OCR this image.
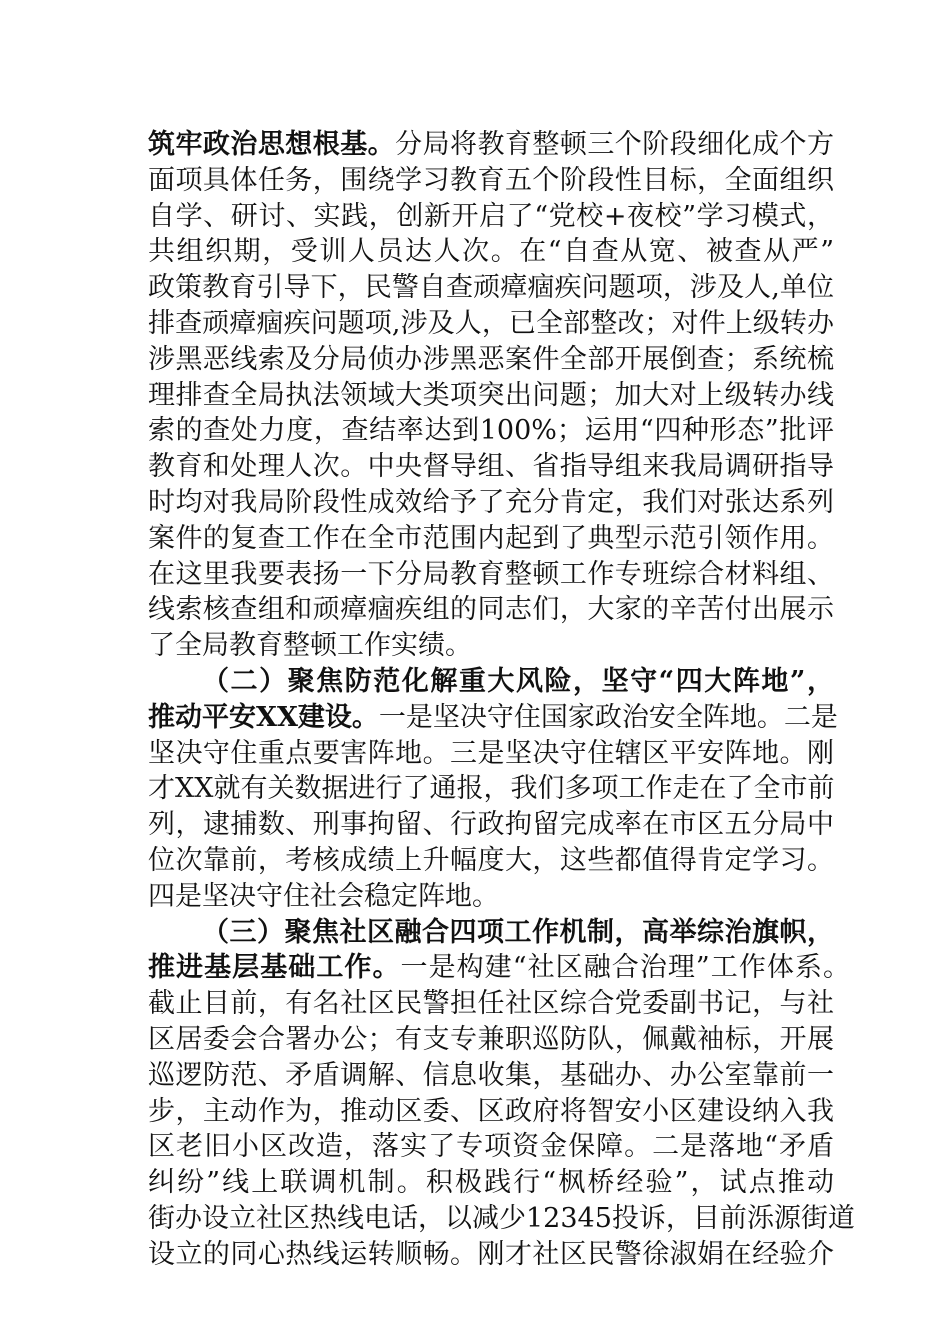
筑牢政治思想根基。分局将教育整顿三个阶段细化成个方
面项具体任务，围绕学习教育五个阶段性目标，全面组织
自学、研讨、实践，创新开启了“党校+夜校”学习模式，
共组织期，受训人员达人次。在“自查从宽、被查从严”
政策教育引导下，民警自查顽瘴痼疾问题项，涉及人,单位
排查顽瘴痼疾问题项,涉及人，已全部整改；对件上级转办
涉黑恶线索及分局侦办涉黑恶案件全部开展倒查；系统梳
理排查全局执法领域大类项突出问题；加大对上级转办线
索的查处力度，查结率达到100%；运用“四种形态”批评
教育和处理人次。中央督导组、省指导组来我局调研指导
时均对我局阶段性成效给予了充分肯定，我们对张达系列
案件的复查工作在全市范围内起到了典型示范引领作用。
在这里我要表扬一下分局教育整顿工作专班综合材料组、
线索核查组和顽瘴痼疾组的同志们，大家的辛苦付出展示
了全局教育整顿工作实绩。
（二）聚焦防范化解重大风险，坚守“四大阵地”，
推动平安XX建设。一是坚决守住国家政治安全阵地。二是
坚决守住重点要害阵地。三是坚决守住辖区平安阵地。刚
才XX就有关数据进行了通报，我们多项工作走在了全市前
列，逮捕数、刑事拘留、行政拘留完成率在市区五分局中
位次靠前，考核成绩上升幅度大，这些都值得肯定学习。
四是坚决守住社会稳定阵地。
（三）聚焦社区融合四项工作机制，高举综治旗帜，
推进基层基础工作。一是构建“社区融合治理”工作体系。
截止目前，有名社区民警担任社区综合党委副书记，与社
区居委会合署办公；有支专兼职巡防队，佩戴袖标，开展
巡逻防范、矛盾调解、信息收集，基础办、办公室靠前一
步，主动作为，推动区委、区政府将智安小区建设纳入我
区老旧小区改造，落实了专项资金保障。二是落地“矛盾
纠纷”线上联调机制。积极践行“枫桥经验”，试点推动
街办设立社区热线电话，以减少12345投诉，目前泺源街道
设立的同心热线运转顺畅。刚才社区民警徐淑娟在经验介
